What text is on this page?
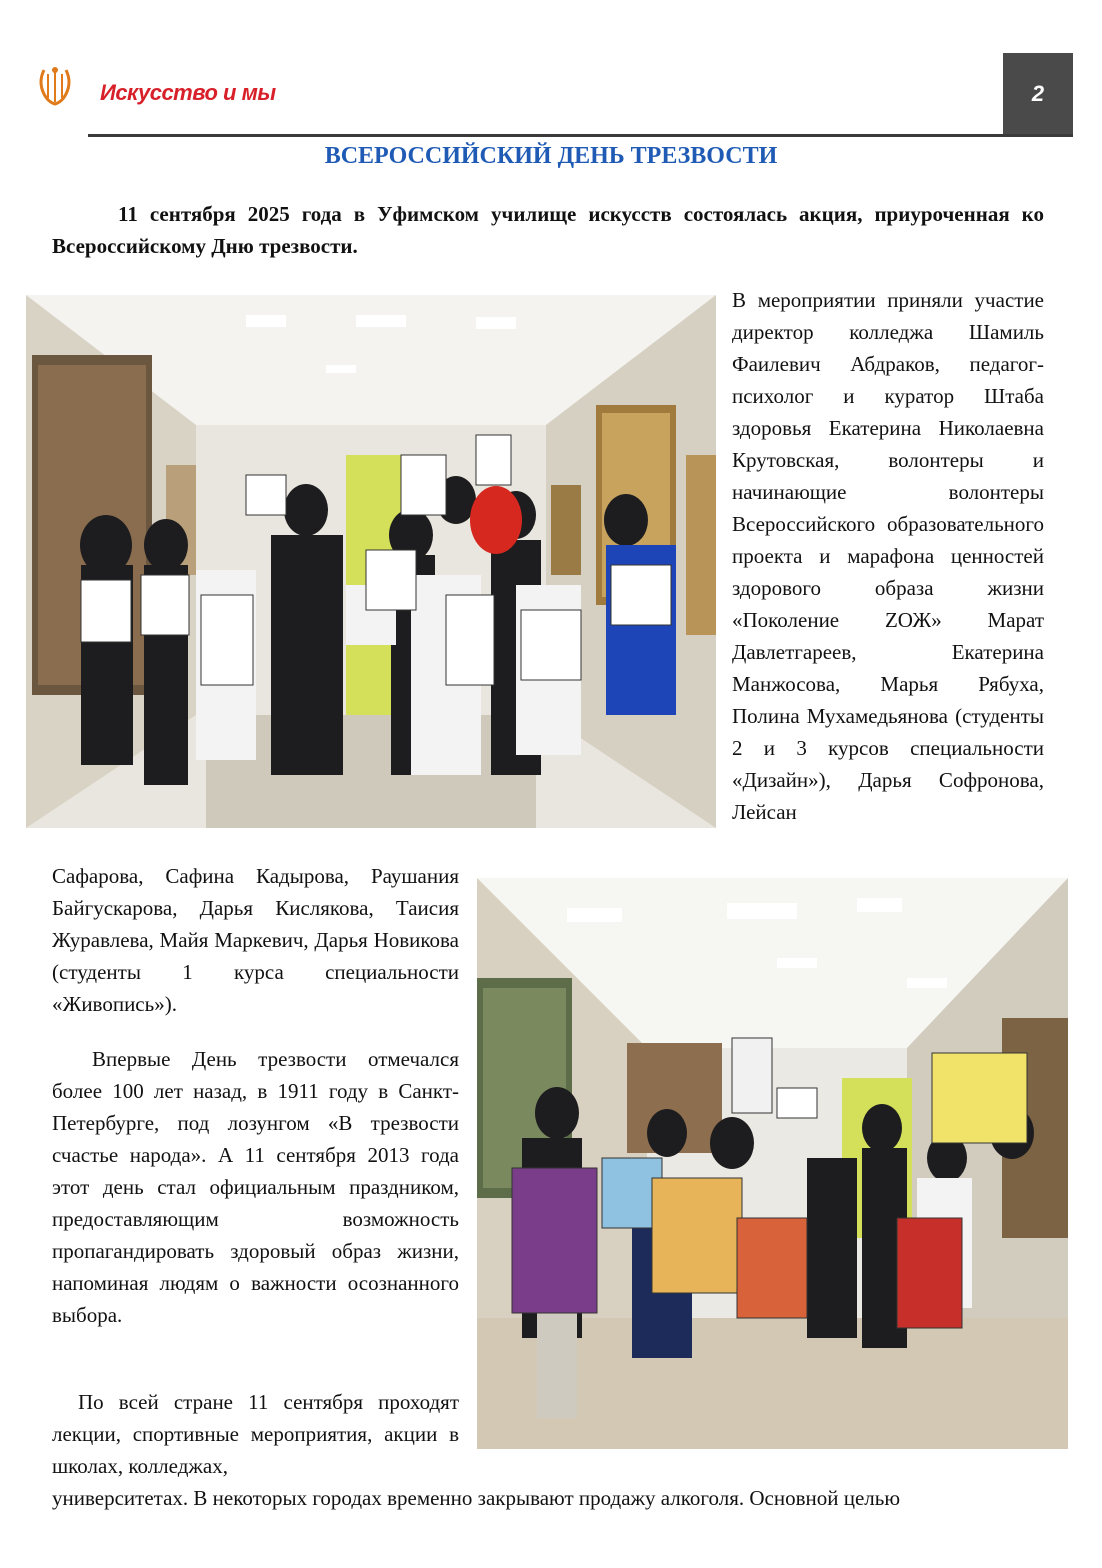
Искусство и мы	2
ВСЕРОССИЙСКИЙ ДЕНЬ ТРЕЗВОСТИ
11 сентября 2025 года в Уфимском училище искусств состоялась акция, приуроченная ко Всероссийскому Дню трезвости.
В мероприятии приняли участие директор колледжа Шамиль Фаилевич Абдраков, педагог-психолог и куратор Штаба здоровья Екатерина Николаевна Крутовская, волонтеры и начинающие волонтеры Всероссийского образовательного проекта и марафона ценностей здорового образа жизни «Поколение ZОЖ» Марат Давлетгареев, Екатерина Манжосова, Марья Рябуха, Полина Мухамедьянова (студенты 2 и 3 курсов специальности «Дизайн»), Дарья Софронова, Лейсан
Сафарова, Сафина Кадырова, Раушания Байгускарова, Дарья Кислякова, Таисия Журавлева, Майя Маркевич, Дарья Новикова (студенты 1 курса специальности «Живопись»).
Впервые День трезвости отмечался более 100 лет назад, в 1911 году в Санкт-Петербурге, под лозунгом «В трезвости счастье народа». А 11 сентября 2013 года этот день стал официальным праздником, предоставляющим возможность пропагандировать здоровый образ жизни, напоминая людям о важности осознанного выбора.
По всей стране 11 сентября проходят лекции, спортивные мероприятия, акции в школах, колледжах,
университетах. В некоторых городах временно закрывают продажу алкоголя. Основной целью
